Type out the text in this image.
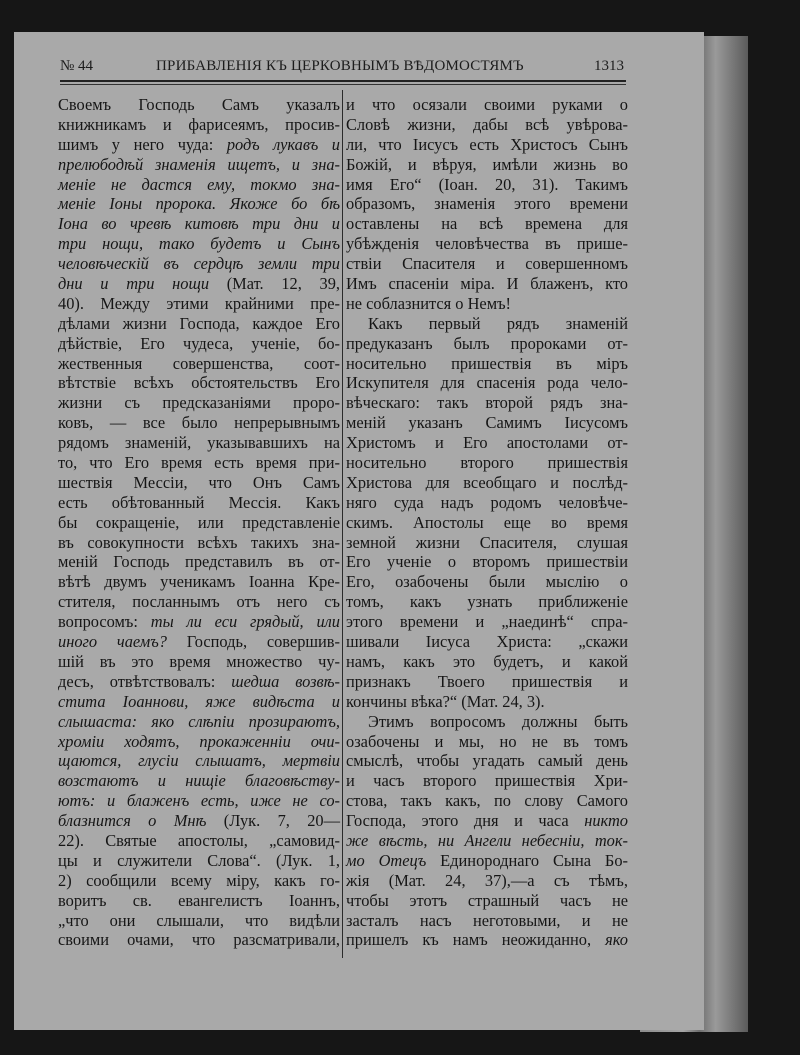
№ 44	ПРИБАВЛЕНІЯ КЪ ЦЕРКОВНЫМЪ ВѢДОМОСТЯМЪ	1313
Своемъ Господь Самъ указалъ
книжникамъ и фарисеямъ, просив-
шимъ у него чуда: родъ лукавъ и
прелюбодѣй знаменія ищетъ, и зна-
меніе не дастся ему, токмо зна-
меніе Іоны пророка. Якоже бо бѣ
Іона во чревѣ китовѣ три дни и
три нощи, тако будетъ и Сынъ
человѣческій въ сердцѣ земли три
дни и три нощи (Мат. 12, 39,
40). Между этими крайними пре-
дѣлами жизни Господа, каждое Его
дѣйствіе, Его чудеса, ученіе, бо-
жественныя совершенства, соот-
вѣтствіе всѣхъ обстоятельствъ Его
жизни съ предсказаніями проро-
ковъ, — все было непрерывнымъ
рядомъ знаменій, указывавшихъ на
то, что Его время есть время при-
шествія Мессіи, что Онъ Самъ
есть обѣтованный Мессія. Какъ
бы сокращеніе, или представленіе
въ совокупности всѣхъ такихъ зна-
меній Господь представилъ въ от-
вѣтѣ двумъ ученикамъ Іоанна Кре-
стителя, посланнымъ отъ него съ
вопросомъ: ты ли еси грядый, или
иного чаемъ? Господь, совершив-
шій въ это время множество чу-
десъ, отвѣтствовалъ: шедша возвѣ-
стита Іоаннови, яже видѣста и
слышаста: яко слѣпіи прозираютъ,
хроміи ходятъ, прокаженніи очи-
щаются, глусіи слышатъ, мертвіи
возстаютъ и нищіе благовѣству-
ютъ: и блаженъ есть, иже не со-
блазнится о Мнѣ (Лук. 7, 20—
22). Святые апостолы, „самовид-
цы и служители Слова“. (Лук. 1,
2) сообщили всему міру, какъ го-
воритъ св. евангелистъ Іоаннъ,
„что они слышали, что видѣли
своими очами, что разсматривали,
и что осязали своими руками о
Словѣ жизни, дабы всѣ увѣрова-
ли, что Іисусъ есть Христосъ Сынъ
Божій, и вѣруя, имѣли жизнь во
имя Его“ (Іоан. 20, 31). Такимъ
образомъ, знаменія этого времени
оставлены на всѣ времена для
убѣжденія человѣчества въ прише-
ствіи Спасителя и совершенномъ
Имъ спасеніи міра. И блаженъ, кто
не соблазнится о Немъ!
Какъ первый рядъ знаменій
предуказанъ былъ пророками от-
носительно пришествія въ міръ
Искупителя для спасенія рода чело-
вѣческаго: такъ второй рядъ зна-
меній указанъ Самимъ Іисусомъ
Христомъ и Его апостолами от-
носительно второго пришествія
Христова для всеобщаго и послѣд-
няго суда надъ родомъ человѣче-
скимъ. Апостолы еще во время
земной жизни Спасителя, слушая
Его ученіе о второмъ пришествіи
Его, озабочены были мыслію о
томъ, какъ узнать приближеніе
этого времени и „наединѣ“ спра-
шивали Іисуса Христа: „скажи
намъ, какъ это будетъ, и какой
признакъ Твоего пришествія и
кончины вѣка?“ (Мат. 24, 3).
Этимъ вопросомъ должны быть
озабочены и мы, но не въ томъ
смыслѣ, чтобы угадать самый день
и часъ второго пришествія Хри-
стова, такъ какъ, по слову Самого
Господа, этого дня и часа никто
же вѣсть, ни Ангели небесніи, ток-
мо Отецъ Единороднаго Сына Бо-
жія (Мат. 24, 37),—а съ тѣмъ,
чтобы этотъ страшный часъ не
засталъ насъ неготовыми, и не
пришелъ къ намъ неожиданно, яко
